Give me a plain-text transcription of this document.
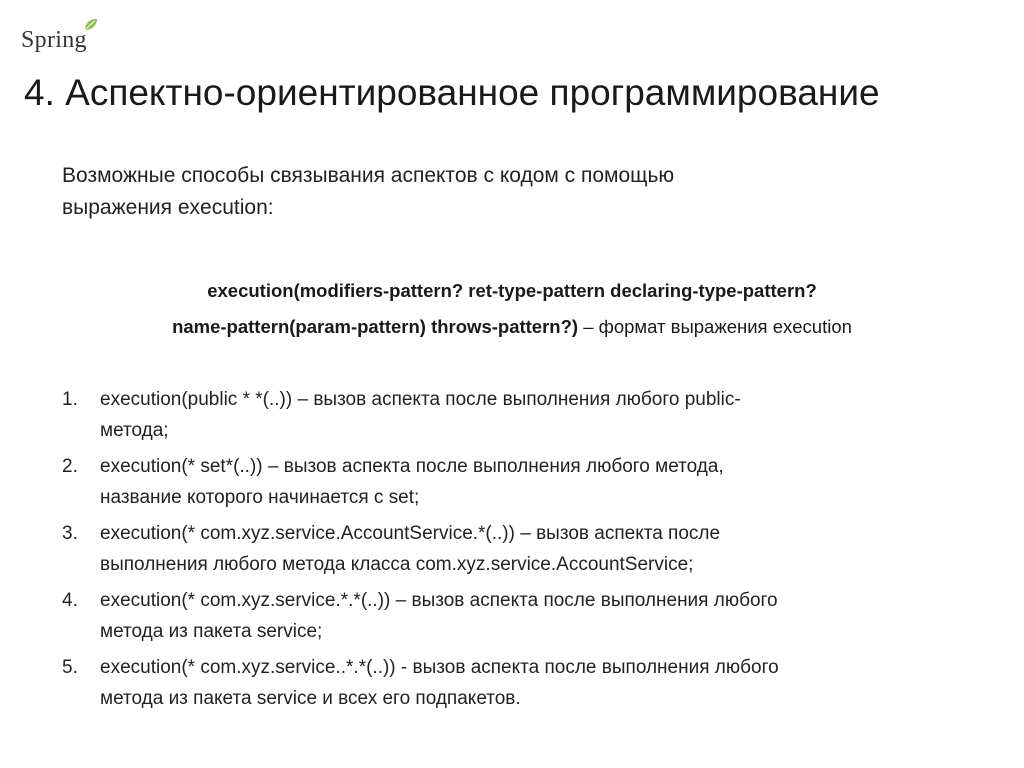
Spring
4. Аспектно-ориентированное программирование
Возможные способы связывания аспектов с кодом с помощью
выражения execution:
execution(modifiers-pattern? ret-type-pattern declaring-type-pattern?
name-pattern(param-pattern) throws-pattern?) – формат выражения execution
1. execution(public * *(..)) – вызов аспекта после выполнения любого public-
метода;
2. execution(* set*(..)) – вызов аспекта после выполнения любого метода,
название которого начинается с set;
3. execution(* com.xyz.service.AccountService.*(..)) – вызов аспекта после
выполнения любого метода класса com.xyz.service.AccountService;
4. execution(* com.xyz.service.*.*(..)) – вызов аспекта после выполнения любого
метода из пакета service;
5. execution(* com.xyz.service..*.*(..)) - вызов аспекта после выполнения любого
метода из пакета service и всех его подпакетов.
